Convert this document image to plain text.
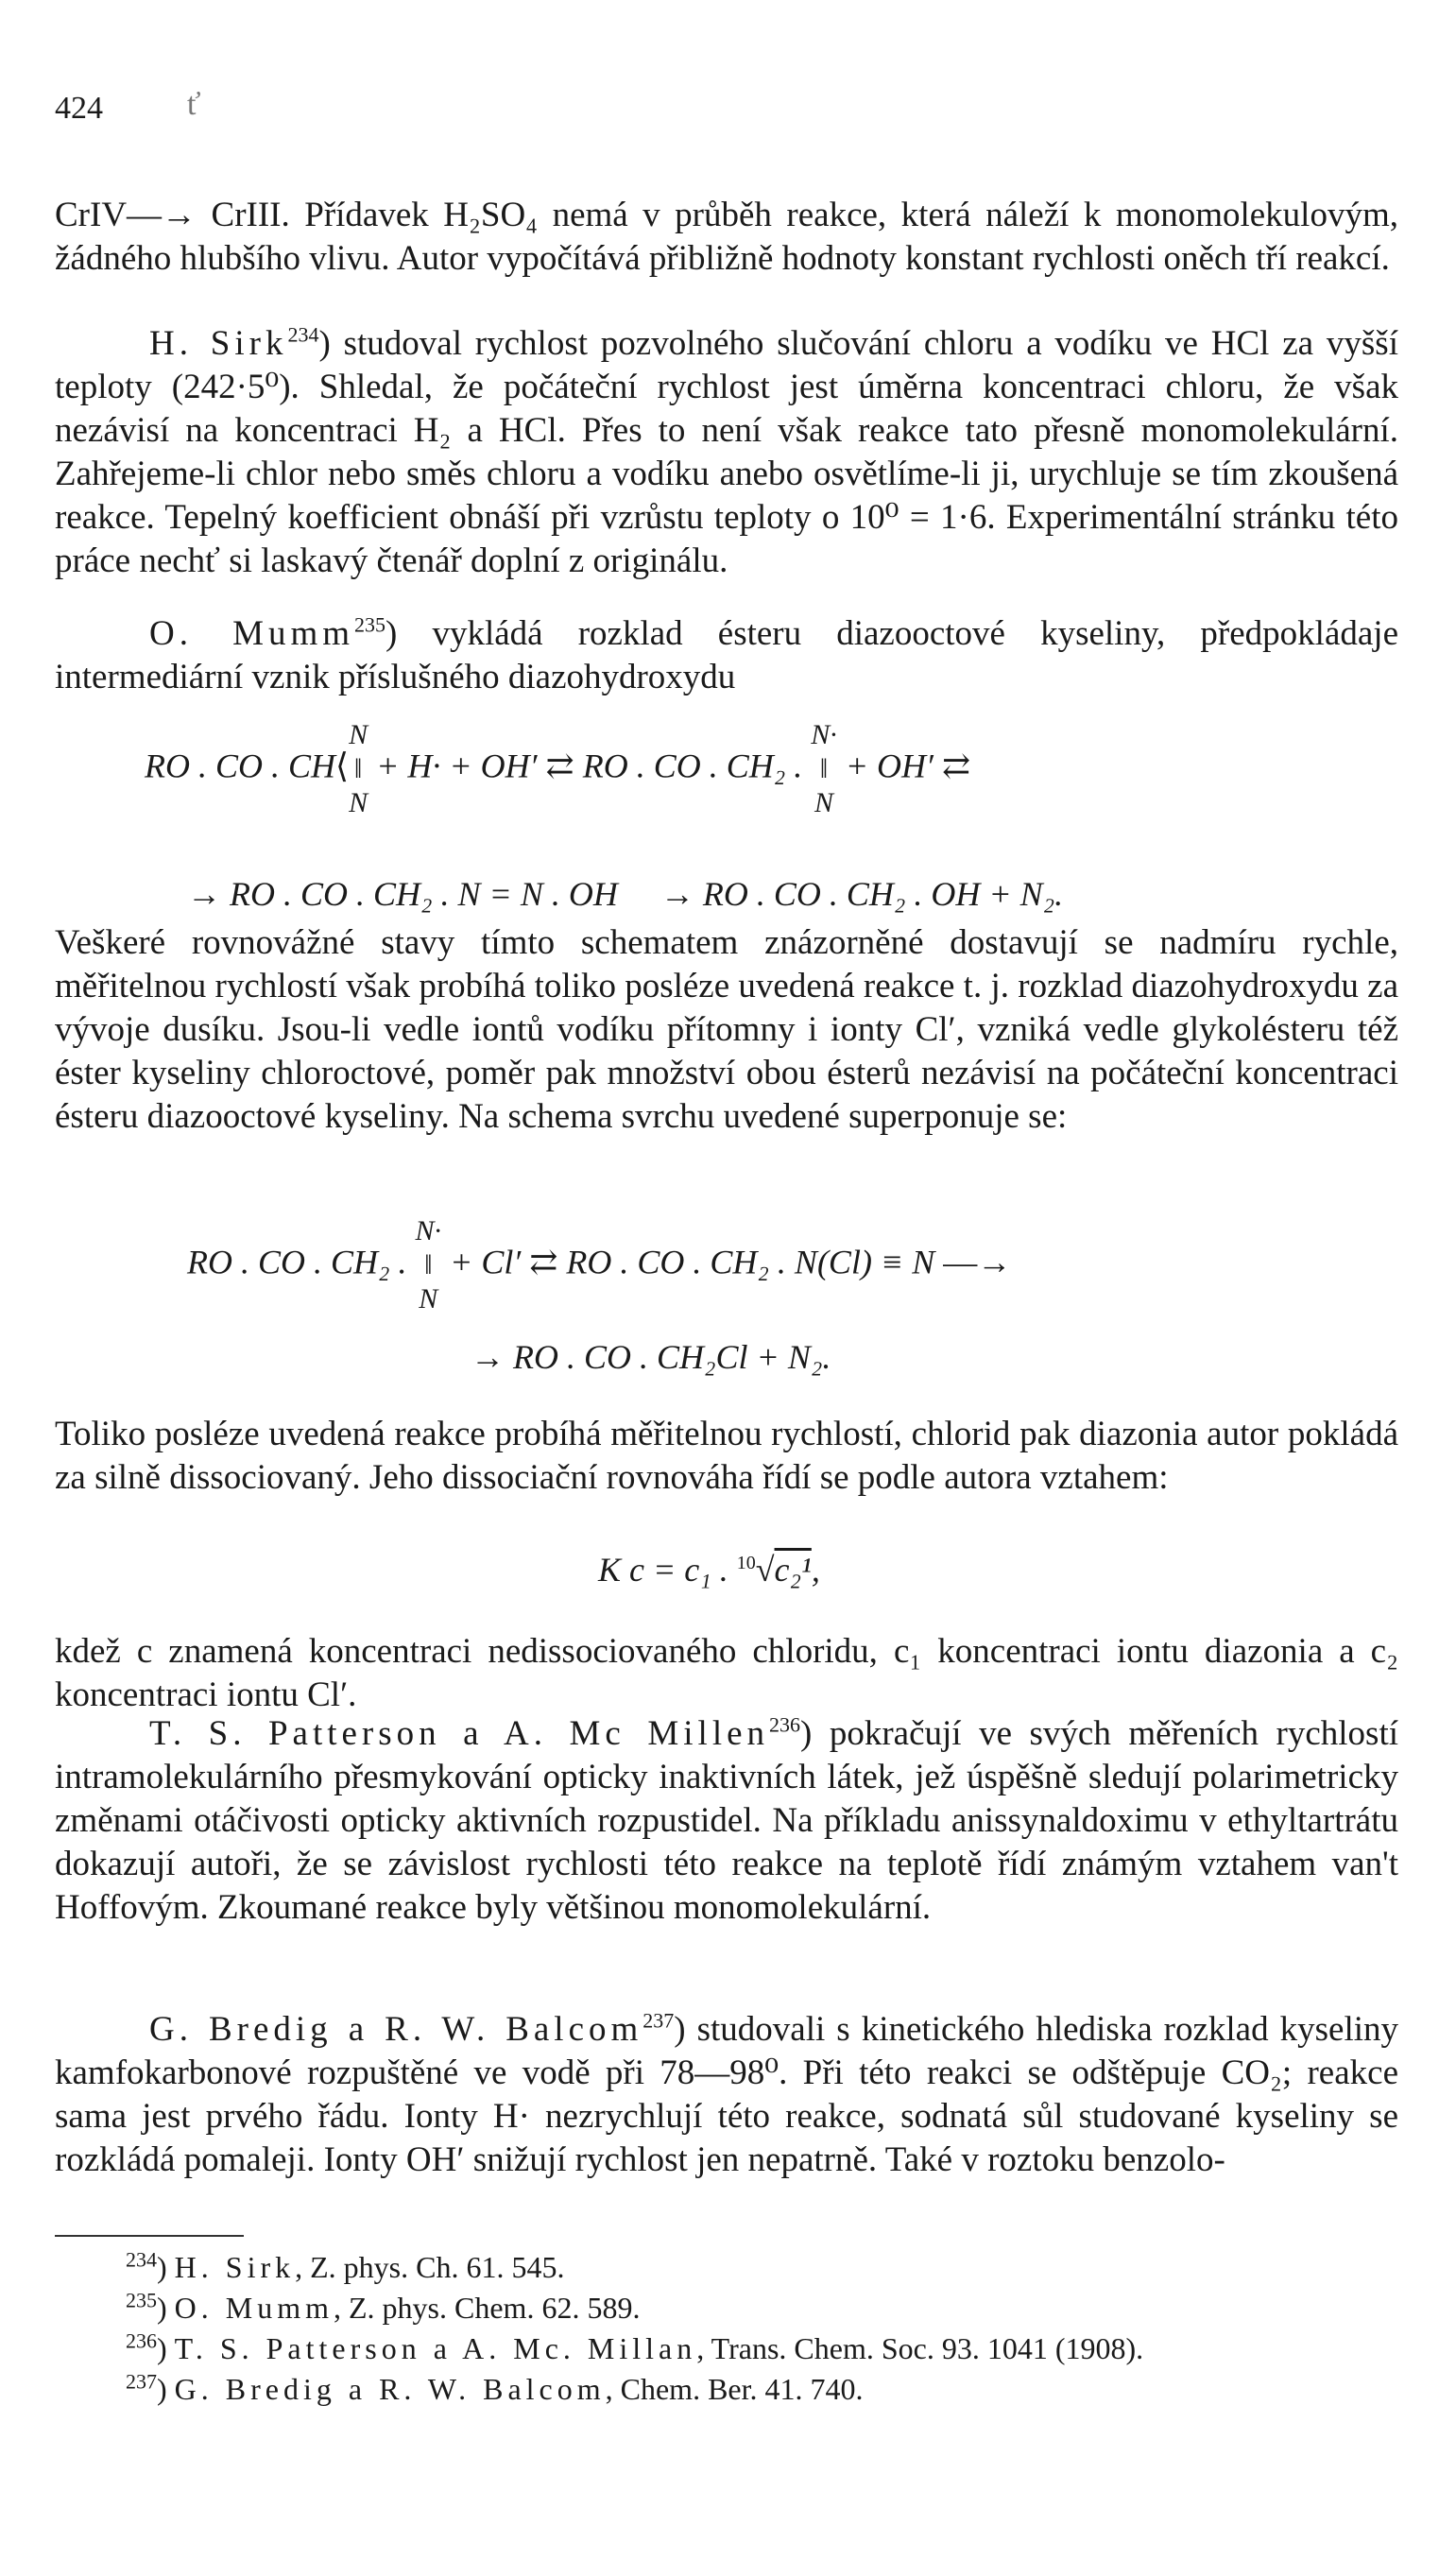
424	ť
CrIV—→ CrIII. Přídavek H₂SO₄ nemá v průběh reakce, která náleží k monomolekulovým, žádného hlubšího vlivu. Autor vypočítává přibližně hodnoty konstant rychlosti oněch tří reakcí.
H. Sirk$^{234}$) studoval rychlost pozvolného slučování chloru a vodíku ve HCl za vyšší teploty (242·5⁰). Shledal, že počáteční rychlost jest úměrna koncentraci chloru, že však nezávisí na koncentraci H₂ a HCl. Přes to není však reakce tato přesně monomolekulární. Zahřejeme-li chlor nebo směs chloru a vodíku anebo osvětlíme-li ji, urychluje se tím zkoušená reakce. Tepelný koefficient obnáší při vzrůstu teploty o 10⁰ = 1·6. Experimentální stránku této práce nechť si laskavý čtenář doplní z originálu.
O. Mumm$^{235}$) vykládá rozklad ésteru diazooctové kyseliny, předpokládaje intermediární vznik příslušného diazohydroxydu
RO . CO . CH⟨N
‖
N + H· + OH′ ⇄ RO . CO . CH₂ . N·
‖
N + OH′ ⇄
→ RO . CO . CH₂ . N = N . OH → RO . CO . CH₂ . OH + N₂.
Veškeré rovnovážné stavy tímto schematem znázorněné dostavují se nadmíru rychle, měřitelnou rychlostí však probíhá toliko posléze uvedená reakce t. j. rozklad diazohydroxydu za vývoje dusíku. Jsou-li vedle iontů vodíku přítomny i ionty Cl′, vzniká vedle glykolésteru též éster kyseliny chloroctové, poměr pak množství obou ésterů nezávisí na počáteční koncentraci ésteru diazooctové kyseliny. Na schema svrchu uvedené superponuje se:
RO . CO . CH₂ . N·
‖
N + Cl′ ⇄ RO . CO . CH₂ . N(Cl) ≡ N —→
→ RO . CO . CH₂Cl + N₂.
Toliko posléze uvedená reakce probíhá měřitelnou rychlostí, chlorid pak diazonia autor pokládá za silně dissociovaný. Jeho dissociační rovnováha řídí se podle autora vztahem:
K c = c₁ . $^{10}$√c₂¹,
kdež c znamená koncentraci nedissociovaného chloridu, c₁ koncentraci iontu diazonia a c₂ koncentraci iontu Cl′.
T. S. Patterson a A. Mc Millen$^{236}$) pokračují ve svých měřeních rychlostí intramolekulárního přesmykování opticky inaktivních látek, jež úspěšně sledují polarimetricky změnami otáčivosti opticky aktivních rozpustidel. Na příkladu anissynaldoximu v ethyltartrátu dokazují autoři, že se závislost rychlosti této reakce na teplotě řídí známým vztahem van't Hoffovým. Zkoumané reakce byly většinou monomolekulární.
G. Bredig a R. W. Balcom$^{237}$) studovali s kinetického hlediska rozklad kyseliny kamfokarbonové rozpuštěné ve vodě při 78—98⁰. Při této reakci se odštěpuje CO₂; reakce sama jest prvého řádu. Ionty H· nezrychlují této reakce, sodnatá sůl studované kyseliny se rozkládá pomaleji. Ionty OH′ snižují rychlost jen nepatrně. Také v roztoku benzolo-
$^{234}$) H. Sirk, Z. phys. Ch. 61. 545.
$^{235}$) O. Mumm, Z. phys. Chem. 62. 589.
$^{236}$) T. S. Patterson a A. Mc. Millan, Trans. Chem. Soc. 93. 1041 (1908).
$^{237}$) G. Bredig a R. W. Balcom, Chem. Ber. 41. 740.
